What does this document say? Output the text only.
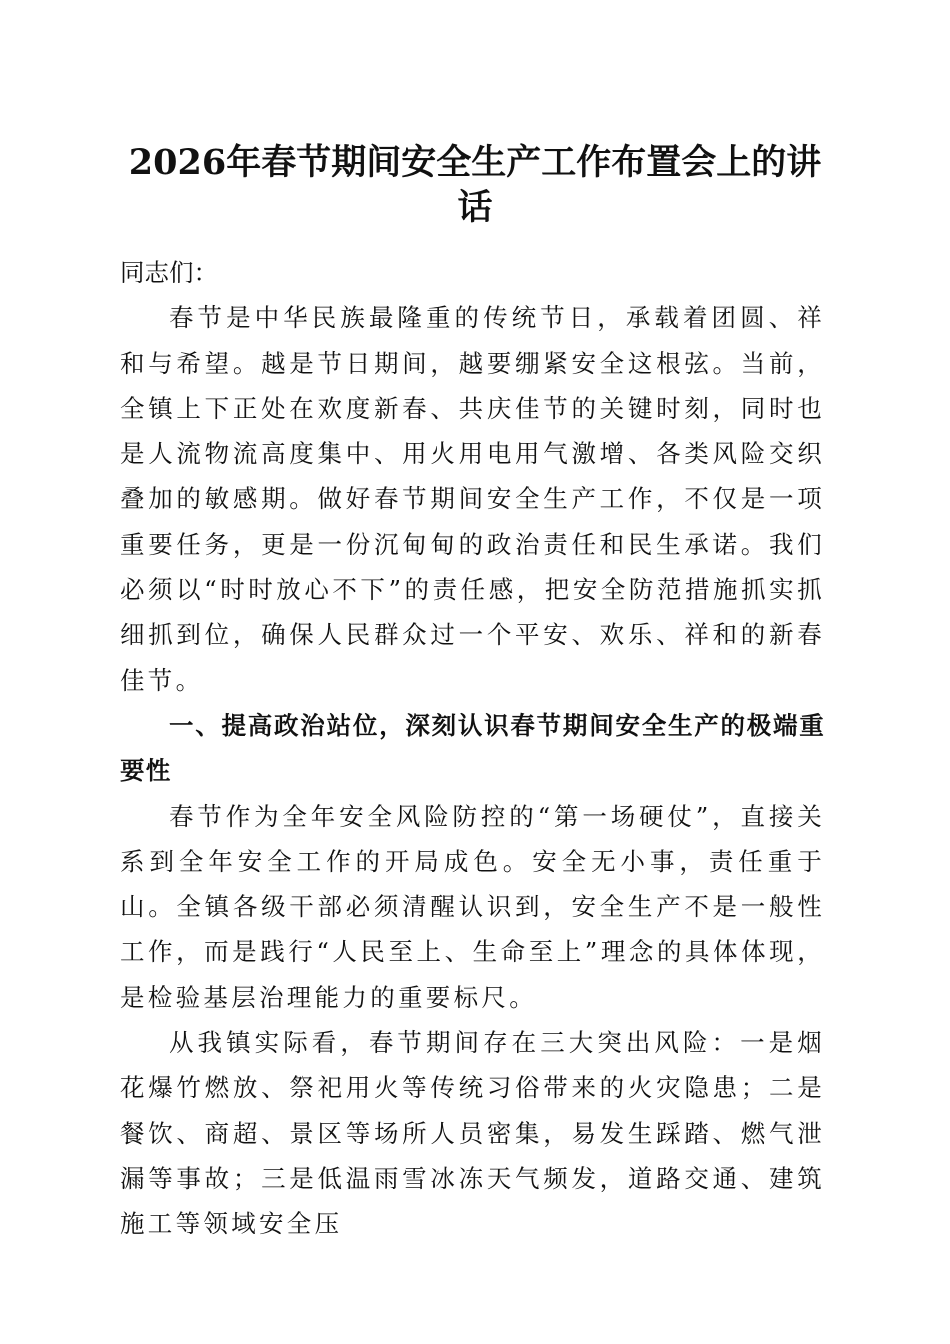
2026年春节期间安全生产工作布置会上的讲话

同志们：

春节是中华民族最隆重的传统节日，承载着团圆、祥和与希望。越是节日期间，越要绷紧安全这根弦。当前，全镇上下正处在欢度新春、共庆佳节的关键时刻，同时也是人流物流高度集中、用火用电用气激增、各类风险交织叠加的敏感期。做好春节期间安全生产工作，不仅是一项重要任务，更是一份沉甸甸的政治责任和民生承诺。我们必须以“时时放心不下”的责任感，把安全防范措施抓实抓细抓到位，确保人民群众过一个平安、欢乐、祥和的新春佳节。

一、提高政治站位，深刻认识春节期间安全生产的极端重要性

春节作为全年安全风险防控的“第一场硬仗”，直接关系到全年安全工作的开局成色。安全无小事，责任重于山。全镇各级干部必须清醒认识到，安全生产不是一般性工作，而是践行“人民至上、生命至上”理念的具体体现，是检验基层治理能力的重要标尺。

从我镇实际看，春节期间存在三大突出风险：一是烟花爆竹燃放、祭祀用火等传统习俗带来的火灾隐患；二是餐饮、商超、景区等场所人员密集，易发生踩踏、燃气泄漏等事故；三是低温雨雪冰冻天气频发，道路交通、建筑施工等领域安全压
